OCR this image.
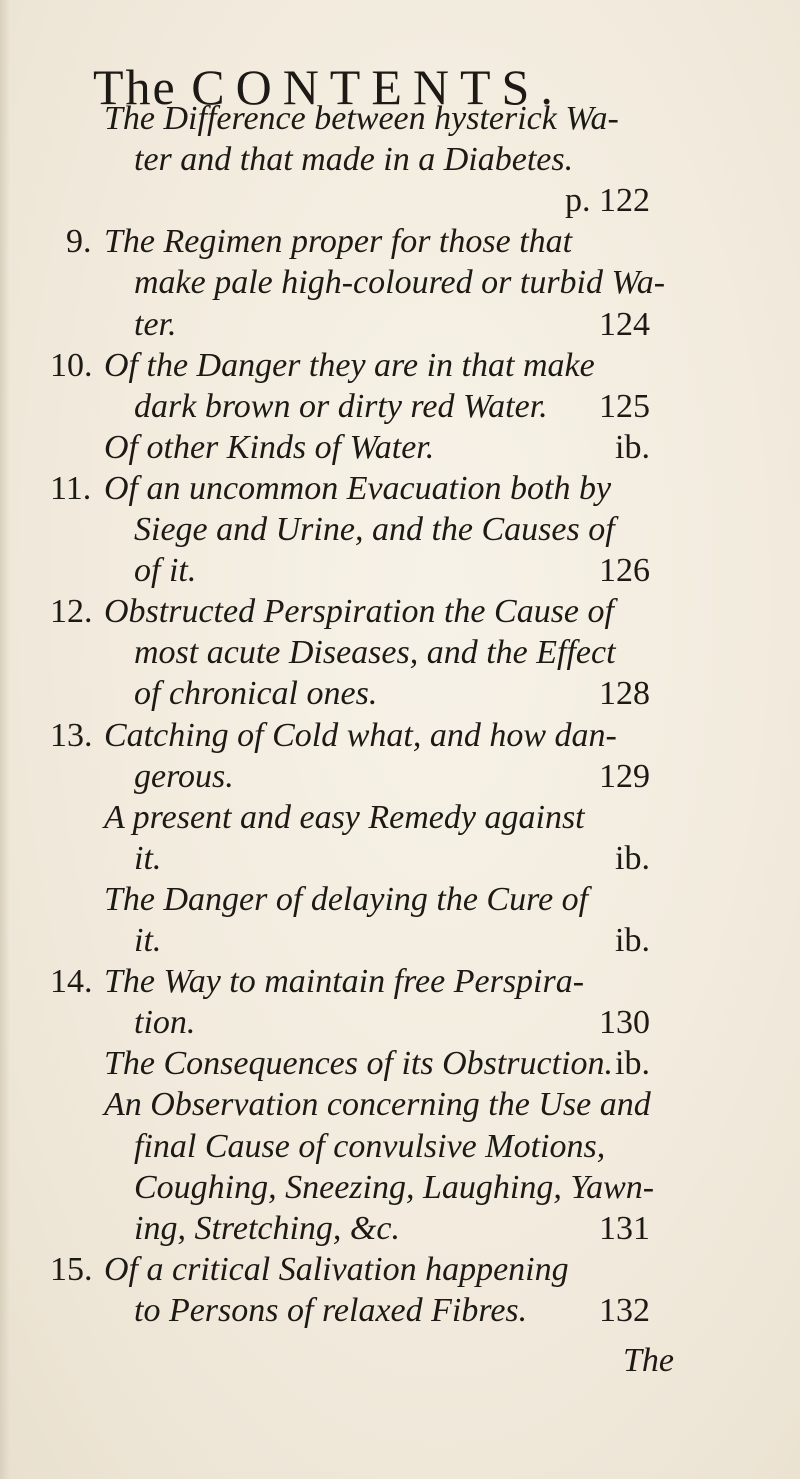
The CONTENTS.
The Difference between hysterick Wa-
ter and that made in a Diabetes.
p. 122
9. The Regimen proper for those that
make pale high-coloured or turbid Wa-
ter.	124
10. Of the Danger they are in that make
dark brown or dirty red Water. 125
Of other Kinds of Water.	ib.
11. Of an uncommon Evacuation both by
Siege and Urine, and the Causes of
of it.	126
12. Obstructed Perspiration the Cause of
most acute Diseases, and the Effect
of chronical ones.	128
13. Catching of Cold what, and how dan-
gerous.	129
A present and easy Remedy against
it.	ib.
The Danger of delaying the Cure of
it.	ib.
14. The Way to maintain free Perspira-
tion.	130
The Consequences of its Obstruction. ib.
An Observation concerning the Use and
final Cause of convulsive Motions,
Coughing, Sneezing, Laughing, Yawn-
ing, Stretching, &c.	131
15. Of a critical Salivation happening
to Persons of relaxed Fibres. 132
The
